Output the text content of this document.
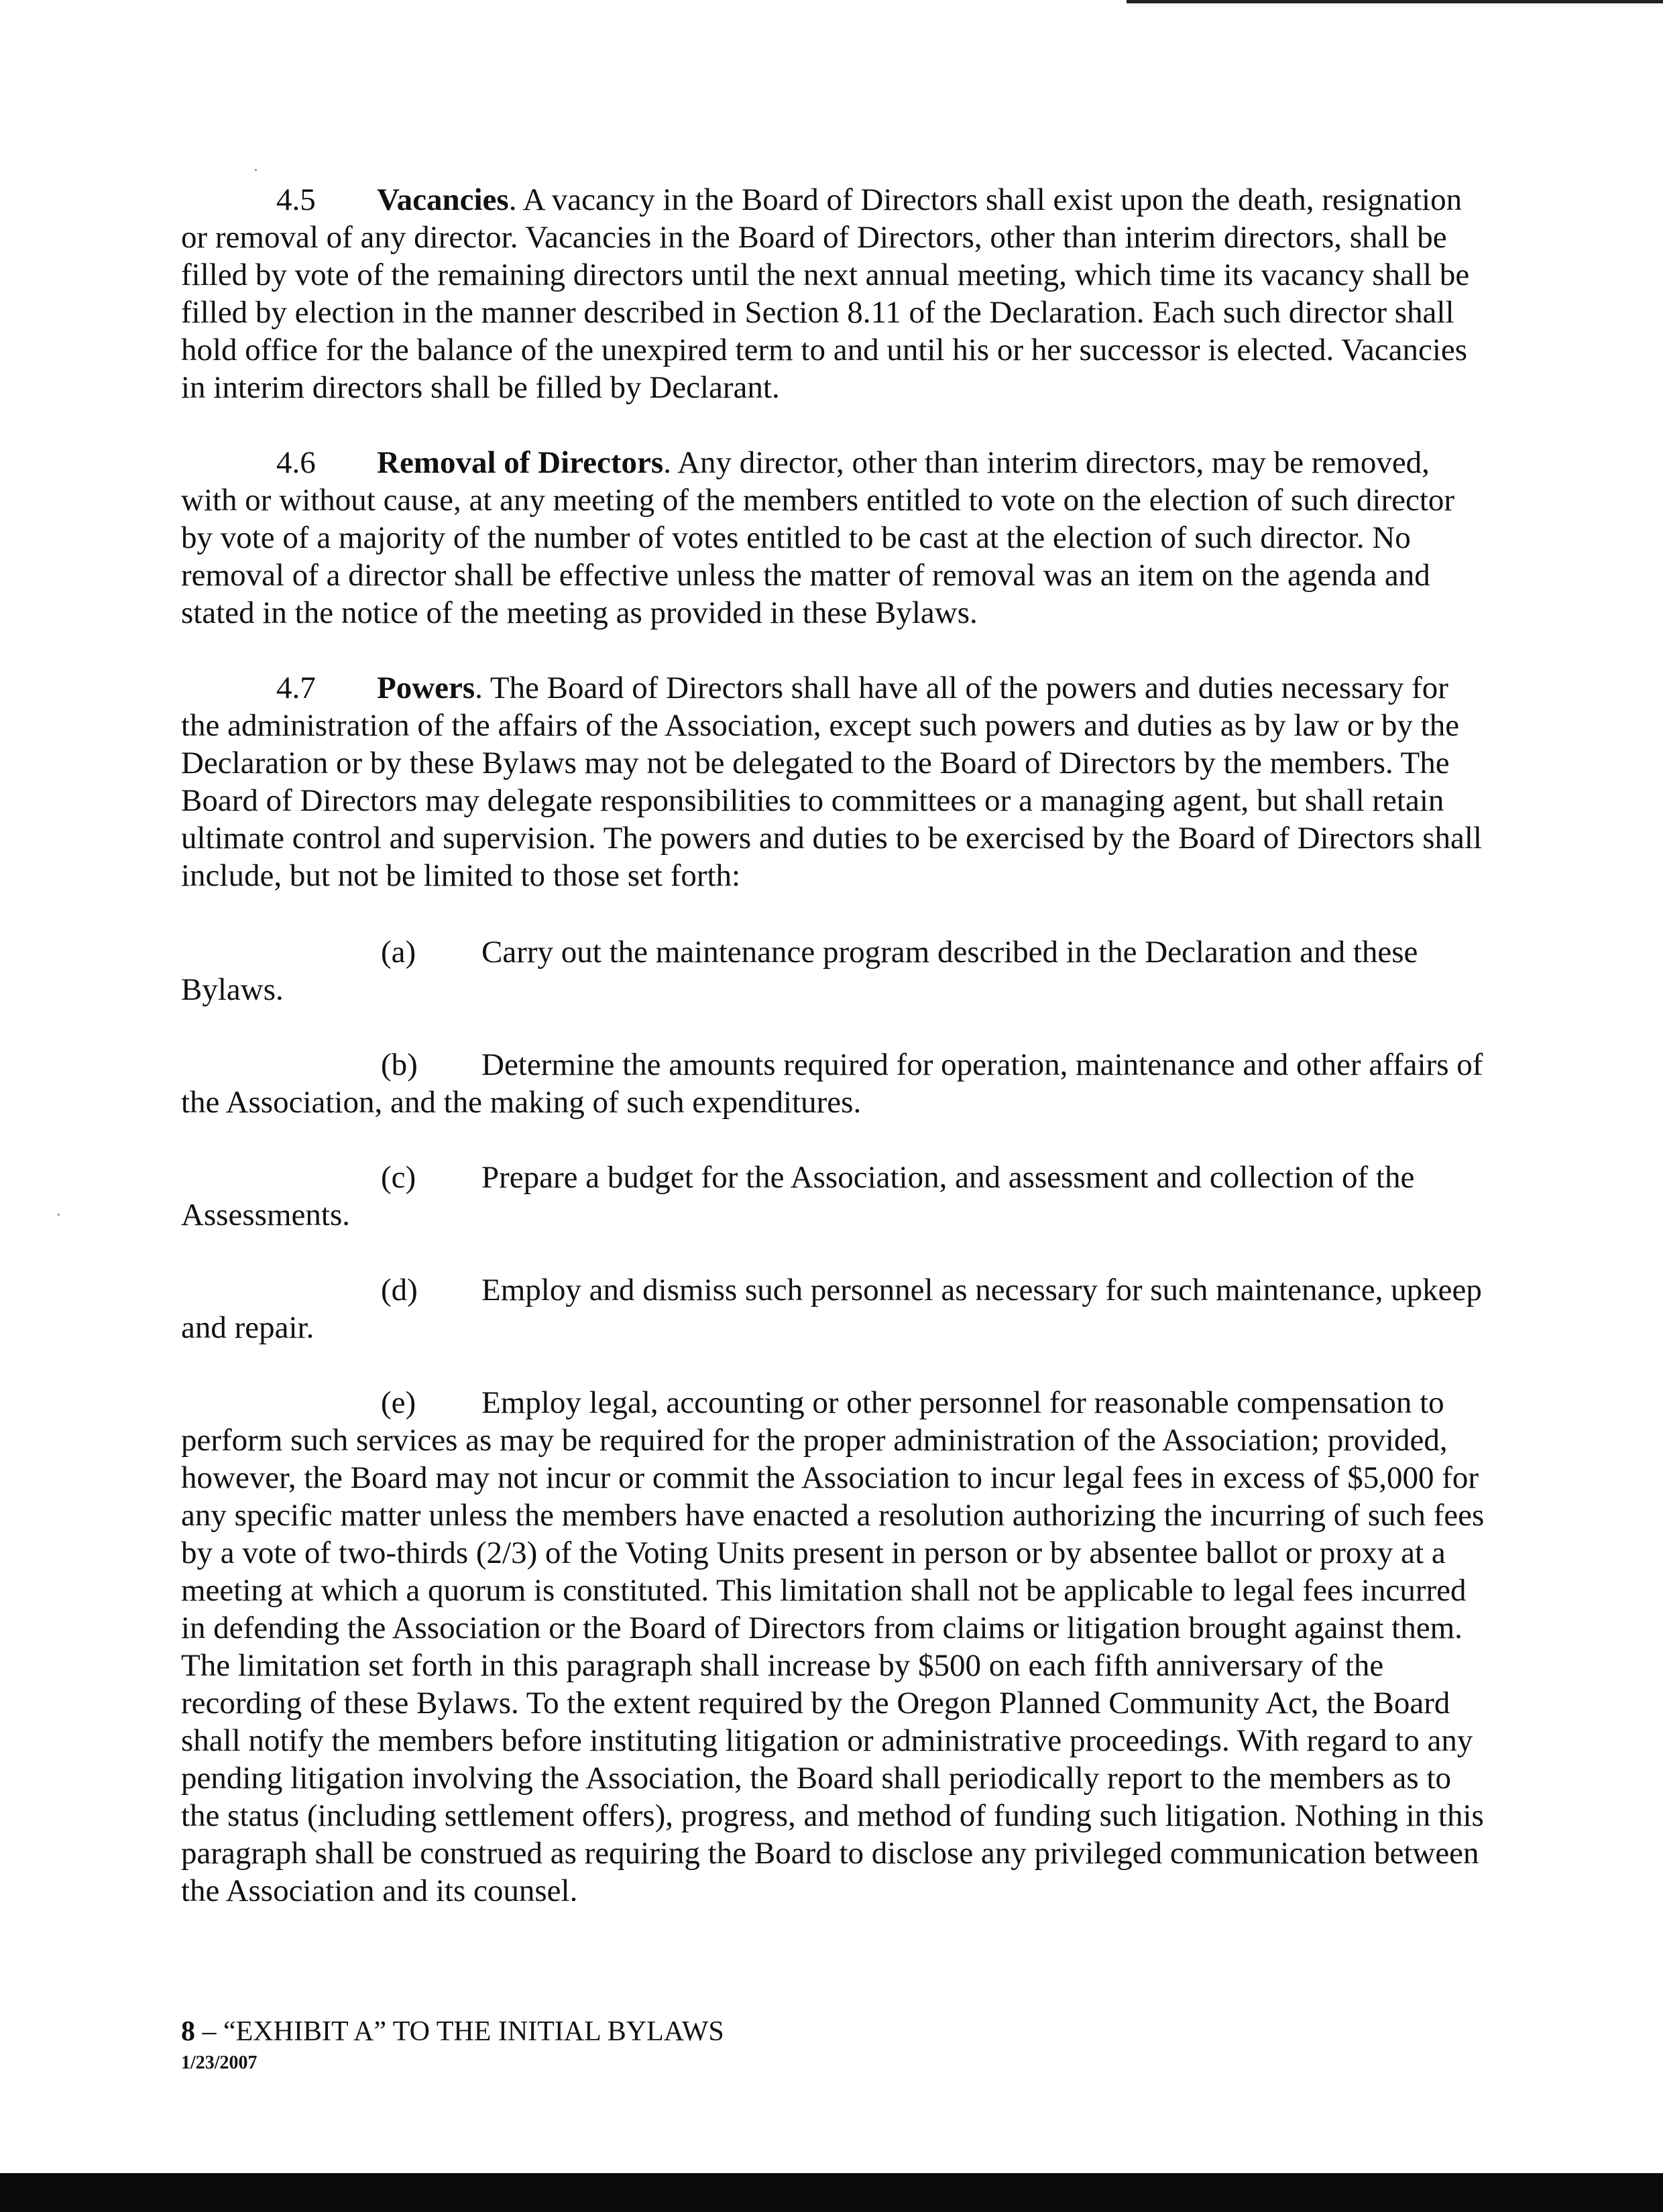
4.5 Vacancies. A vacancy in the Board of Directors shall exist upon the death, resignation or removal of any director. Vacancies in the Board of Directors, other than interim directors, shall be filled by vote of the remaining directors until the next annual meeting, which time its vacancy shall be filled by election in the manner described in Section 8.11 of the Declaration. Each such director shall hold office for the balance of the unexpired term to and until his or her successor is elected. Vacancies in interim directors shall be filled by Declarant.

4.6 Removal of Directors. Any director, other than interim directors, may be removed, with or without cause, at any meeting of the members entitled to vote on the election of such director by vote of a majority of the number of votes entitled to be cast at the election of such director. No removal of a director shall be effective unless the matter of removal was an item on the agenda and stated in the notice of the meeting as provided in these Bylaws.

4.7 Powers. The Board of Directors shall have all of the powers and duties necessary for the administration of the affairs of the Association, except such powers and duties as by law or by the Declaration or by these Bylaws may not be delegated to the Board of Directors by the members. The Board of Directors may delegate responsibilities to committees or a managing agent, but shall retain ultimate control and supervision. The powers and duties to be exercised by the Board of Directors shall include, but not be limited to those set forth:

(a) Carry out the maintenance program described in the Declaration and these Bylaws.

(b) Determine the amounts required for operation, maintenance and other affairs of the Association, and the making of such expenditures.

(c) Prepare a budget for the Association, and assessment and collection of the Assessments.

(d) Employ and dismiss such personnel as necessary for such maintenance, upkeep and repair.

(e) Employ legal, accounting or other personnel for reasonable compensation to perform such services as may be required for the proper administration of the Association; provided, however, the Board may not incur or commit the Association to incur legal fees in excess of $5,000 for any specific matter unless the members have enacted a resolution authorizing the incurring of such fees by a vote of two-thirds (2/3) of the Voting Units present in person or by absentee ballot or proxy at a meeting at which a quorum is constituted. This limitation shall not be applicable to legal fees incurred in defending the Association or the Board of Directors from claims or litigation brought against them. The limitation set forth in this paragraph shall increase by $500 on each fifth anniversary of the recording of these Bylaws. To the extent required by the Oregon Planned Community Act, the Board shall notify the members before instituting litigation or administrative proceedings. With regard to any pending litigation involving the Association, the Board shall periodically report to the members as to the status (including settlement offers), progress, and method of funding such litigation. Nothing in this paragraph shall be construed as requiring the Board to disclose any privileged communication between the Association and its counsel.

8 – “EXHIBIT A” TO THE INITIAL BYLAWS
1/23/2007
